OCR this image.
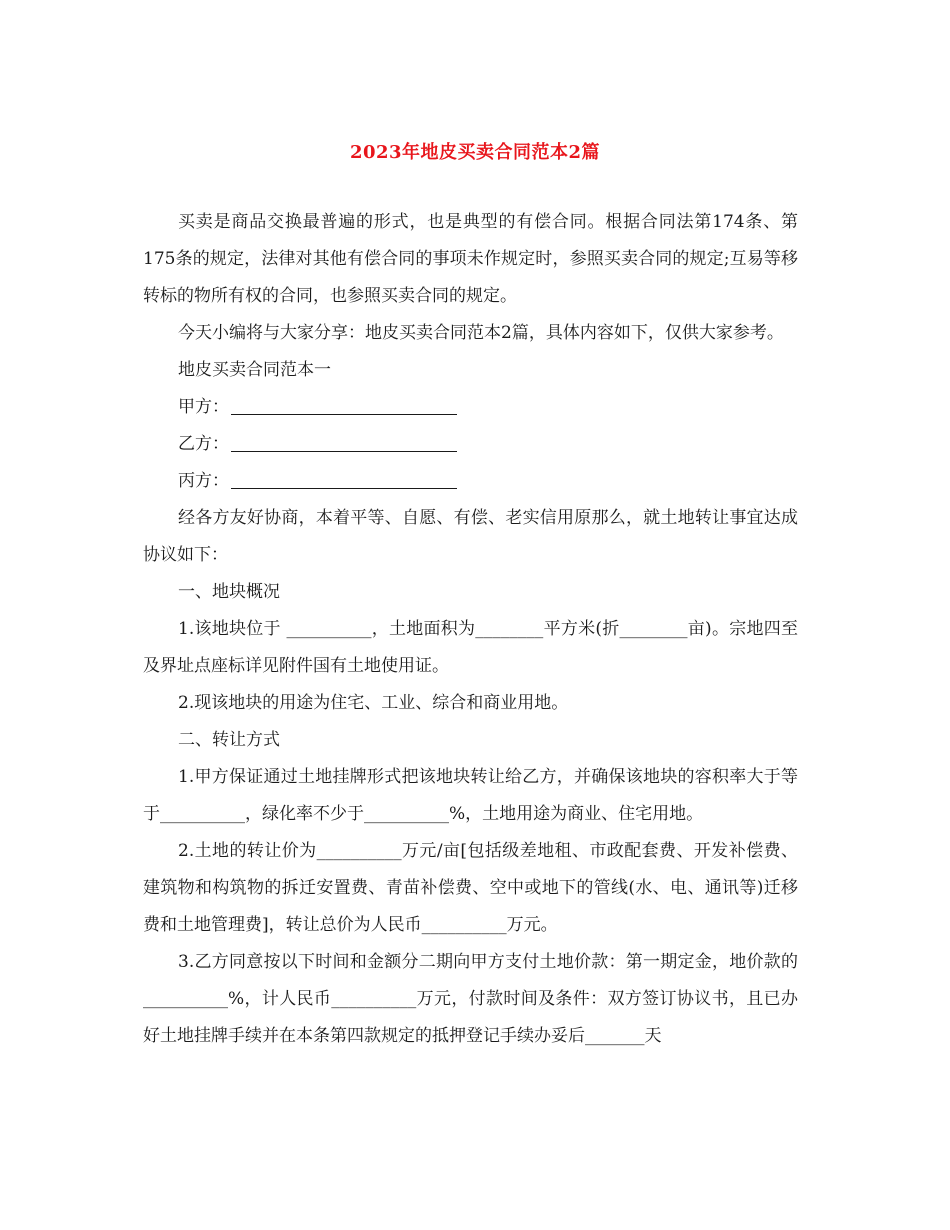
2023年地皮买卖合同范本2篇

买卖是商品交换最普遍的形式，也是典型的有偿合同。根据合同法第174条、第175条的规定，法律对其他有偿合同的事项未作规定时，参照买卖合同的规定;互易等移转标的物所有权的合同，也参照买卖合同的规定。

今天小编将与大家分享：地皮买卖合同范本2篇，具体内容如下，仅供大家参考。

地皮买卖合同范本一

甲方：

乙方：

丙方：

经各方友好协商，本着平等、自愿、有偿、老实信用原那么，就土地转让事宜达成协议如下：

一、地块概况

1.该地块位于 __________，土地面积为________平方米(折________亩)。宗地四至及界址点座标详见附件国有土地使用证。

2.现该地块的用途为住宅、工业、综合和商业用地。

二、转让方式

1.甲方保证通过土地挂牌形式把该地块转让给乙方，并确保该地块的容积率大于等于__________，绿化率不少于__________%，土地用途为商业、住宅用地。

2.土地的转让价为__________万元/亩[包括级差地租、市政配套费、开发补偿费、建筑物和构筑物的拆迁安置费、青苗补偿费、空中或地下的管线(水、电、通讯等)迁移费和土地管理费]，转让总价为人民币__________万元。

3.乙方同意按以下时间和金额分二期向甲方支付土地价款：第一期定金，地价款的__________%，计人民币__________万元，付款时间及条件：双方签订协议书，且已办好土地挂牌手续并在本条第四款规定的抵押登记手续办妥后_______天
